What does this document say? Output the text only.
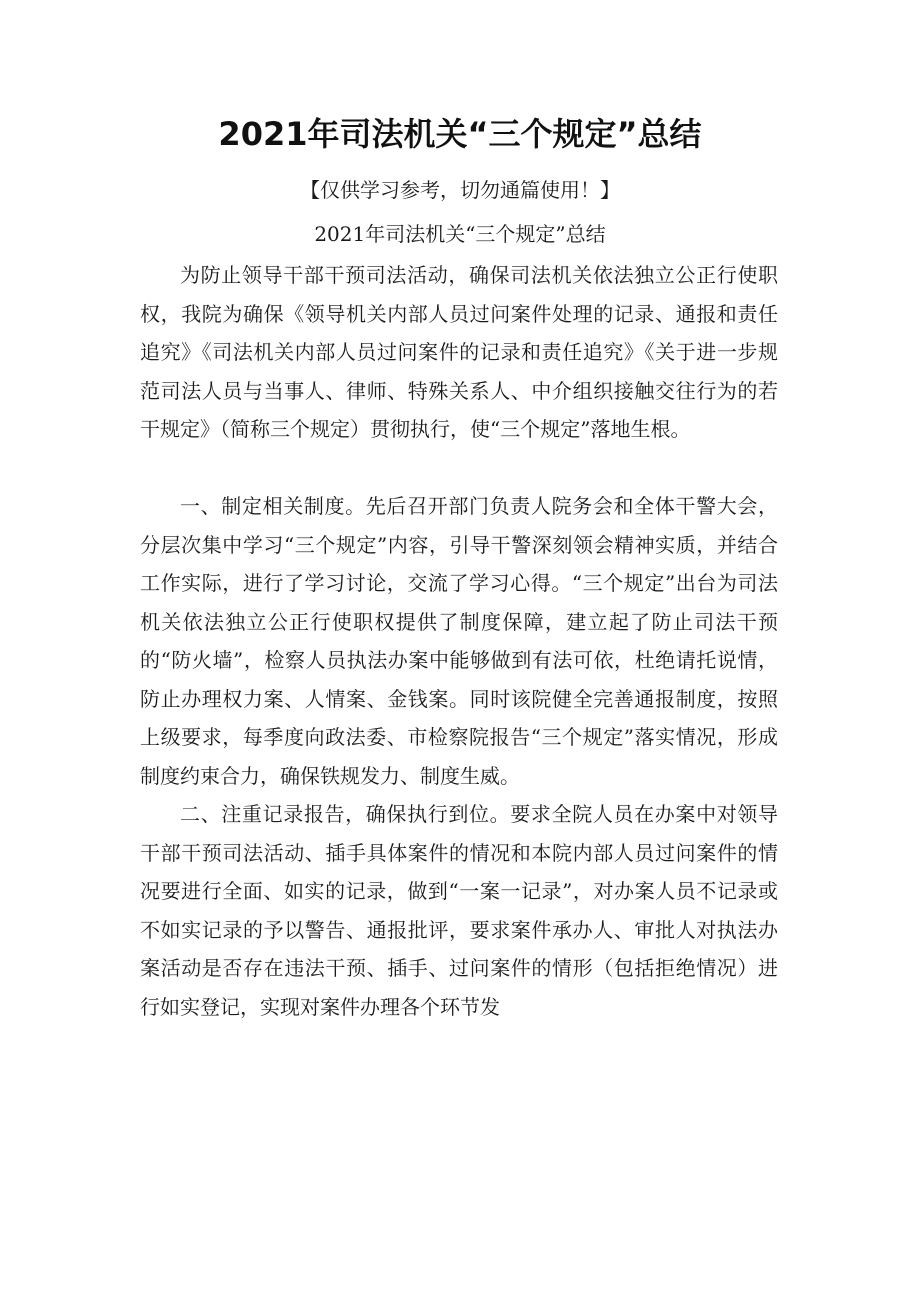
2021年司法机关“三个规定”总结

【仅供学习参考，切勿通篇使用！】

2021年司法机关“三个规定”总结

为防止领导干部干预司法活动，确保司法机关依法独立公正行使职权，我院为确保《领导机关内部人员过问案件处理的记录、通报和责任追究》《司法机关内部人员过问案件的记录和责任追究》《关于进一步规范司法人员与当事人、律师、特殊关系人、中介组织接触交往行为的若干规定》（简称三个规定）贯彻执行，使“三个规定”落地生根。

一、制定相关制度。先后召开部门负责人院务会和全体干警大会，分层次集中学习“三个规定”内容，引导干警深刻领会精神实质，并结合工作实际，进行了学习讨论，交流了学习心得。“三个规定”出台为司法机关依法独立公正行使职权提供了制度保障，建立起了防止司法干预的“防火墙”，检察人员执法办案中能够做到有法可依，杜绝请托说情，防止办理权力案、人情案、金钱案。同时该院健全完善通报制度，按照上级要求，每季度向政法委、市检察院报告“三个规定”落实情况，形成制度约束合力，确保铁规发力、制度生威。

二、注重记录报告，确保执行到位。要求全院人员在办案中对领导干部干预司法活动、插手具体案件的情况和本院内部人员过问案件的情况要进行全面、如实的记录，做到“一案一记录”，对办案人员不记录或不如实记录的予以警告、通报批评，要求案件承办人、审批人对执法办案活动是否存在违法干预、插手、过问案件的情形（包括拒绝情况）进行如实登记，实现对案件办理各个环节发
